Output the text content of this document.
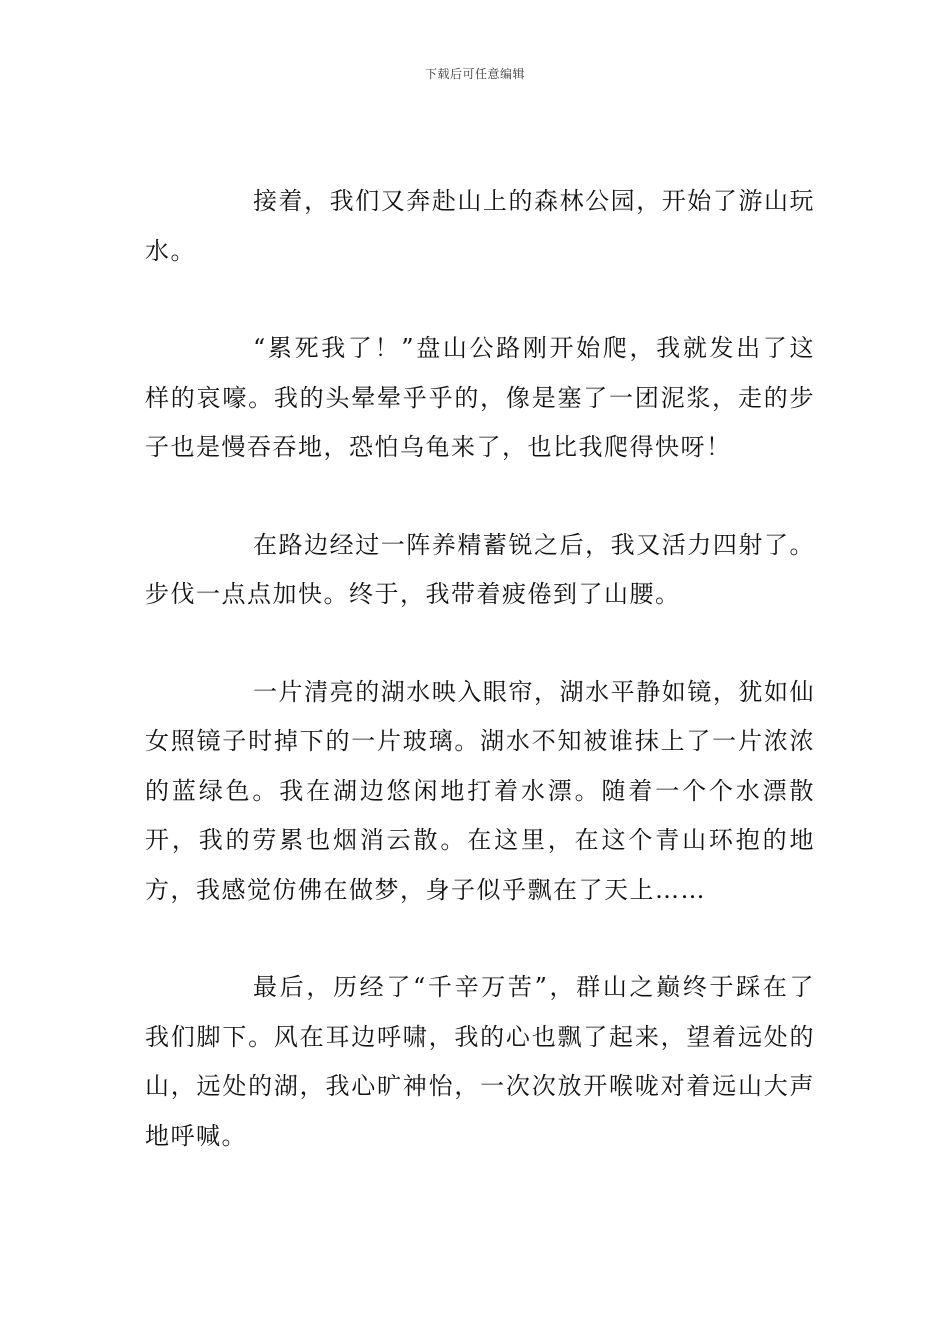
下载后可任意编辑

接着，我们又奔赴山上的森林公园，开始了游山玩水。

“累死我了！”盘山公路刚开始爬，我就发出了这样的哀嚎。我的头晕晕乎乎的，像是塞了一团泥浆，走的步子也是慢吞吞地，恐怕乌龟来了，也比我爬得快呀！

在路边经过一阵养精蓄锐之后，我又活力四射了。步伐一点点加快。终于，我带着疲倦到了山腰。

一片清亮的湖水映入眼帘，湖水平静如镜，犹如仙女照镜子时掉下的一片玻璃。湖水不知被谁抹上了一片浓浓的蓝绿色。我在湖边悠闲地打着水漂。随着一个个水漂散开，我的劳累也烟消云散。在这里，在这个青山环抱的地方，我感觉仿佛在做梦，身子似乎飘在了天上……

最后，历经了“千辛万苦”，群山之巅终于踩在了我们脚下。风在耳边呼啸，我的心也飘了起来，望着远处的山，远处的湖，我心旷神怡，一次次放开喉咙对着远山大声地呼喊。
